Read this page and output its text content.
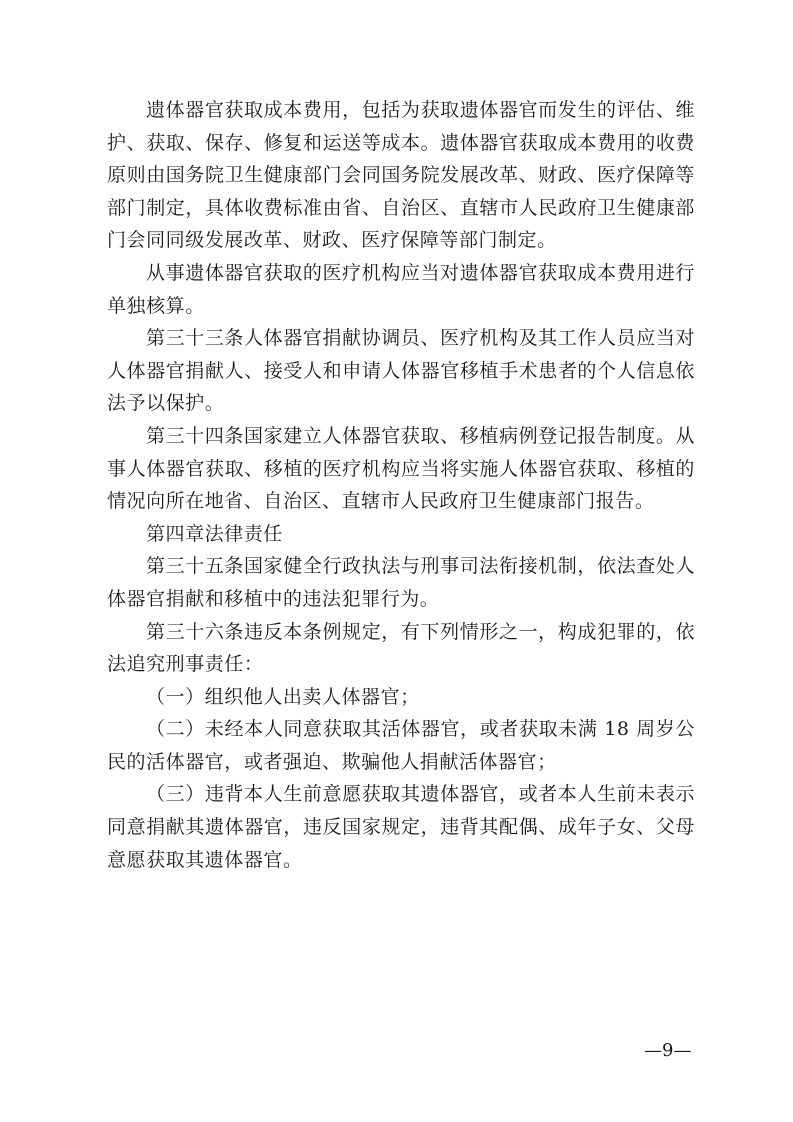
遗体器官获取成本费用，包括为获取遗体器官而发生的评估、维护、获取、保存、修复和运送等成本。遗体器官获取成本费用的收费原则由国务院卫生健康部门会同国务院发展改革、财政、医疗保障等部门制定，具体收费标准由省、自治区、直辖市人民政府卫生健康部门会同同级发展改革、财政、医疗保障等部门制定。

从事遗体器官获取的医疗机构应当对遗体器官获取成本费用进行单独核算。

第三十三条人体器官捐献协调员、医疗机构及其工作人员应当对人体器官捐献人、接受人和申请人体器官移植手术患者的个人信息依法予以保护。

第三十四条国家建立人体器官获取、移植病例登记报告制度。从事人体器官获取、移植的医疗机构应当将实施人体器官获取、移植的情况向所在地省、自治区、直辖市人民政府卫生健康部门报告。

第四章法律责任

第三十五条国家健全行政执法与刑事司法衔接机制，依法查处人体器官捐献和移植中的违法犯罪行为。

第三十六条违反本条例规定，有下列情形之一，构成犯罪的，依法追究刑事责任：

（一）组织他人出卖人体器官；

（二）未经本人同意获取其活体器官，或者获取未满 18 周岁公民的活体器官，或者强迫、欺骗他人捐献活体器官；

（三）违背本人生前意愿获取其遗体器官，或者本人生前未表示同意捐献其遗体器官，违反国家规定，违背其配偶、成年子女、父母意愿获取其遗体器官。

—9—
